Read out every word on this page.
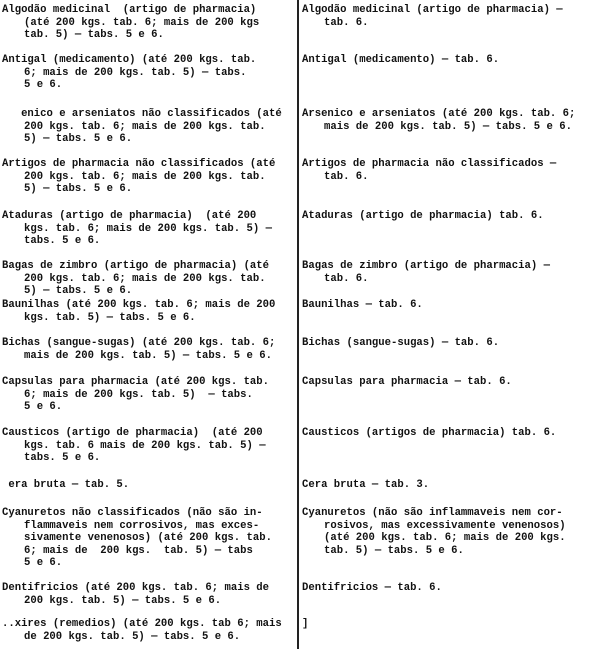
Algodão medicinal  (artigo de pharmacia)
(até 200 kgs. tab. 6; mais de 200 kgs
tab. 5) — tabs. 5 e 6.
Antigal (medicamento) (até 200 kgs. tab.
6; mais de 200 kgs. tab. 5) — tabs.
5 e 6.
enico e arseniatos não classificados (até
200 kgs. tab. 6; mais de 200 kgs. tab.
5) — tabs. 5 e 6.
Artigos de pharmacia não classificados (até
200 kgs. tab. 6; mais de 200 kgs. tab.
5) — tabs. 5 e 6.
Ataduras (artigo de pharmacia)  (até 200
kgs. tab. 6; mais de 200 kgs. tab. 5) —
tabs. 5 e 6.
Bagas de zimbro (artigo de pharmacia) (até
200 kgs. tab. 6; mais de 200 kgs. tab.
5) — tabs. 5 e 6.
Baunilhas (até 200 kgs. tab. 6; mais de 200
kgs. tab. 5) — tabs. 5 e 6.
Bichas (sangue-sugas) (até 200 kgs. tab. 6;
mais de 200 kgs. tab. 5) — tabs. 5 e 6.
Capsulas para pharmacia (até 200 kgs. tab.
6; mais de 200 kgs. tab. 5)  — tabs.
5 e 6.
Causticos (artigo de pharmacia)  (até 200
kgs. tab. 6 mais de 200 kgs. tab. 5) —
tabs. 5 e 6.
era bruta — tab. 5.
Cyanuretos não classificados (não são in-
flammaveis nem corrosivos, mas exces-
sivamente venenosos) (até 200 kgs. tab.
6; mais de  200 kgs.  tab. 5) — tabs
5 e 6.
Dentifricios (até 200 kgs. tab. 6; mais de
200 kgs. tab. 5) — tabs. 5 e 6.
..xires (remedios) (até 200 kgs. tab 6; mais
de 200 kgs. tab. 5) — tabs. 5 e 6.
Algodão medicinal (artigo de pharmacia) —
tab. 6.
Antigal (medicamento) — tab. 6.
Arsenico e arseniatos (até 200 kgs. tab. 6;
mais de 200 kgs. tab. 5) — tabs. 5 e 6.
Artigos de pharmacia não classificados —
tab. 6.
Ataduras (artigo de pharmacia) tab. 6.
Bagas de zimbro (artigo de pharmacia) —
tab. 6.
Baunilhas — tab. 6.
Bichas (sangue-sugas) — tab. 6.
Capsulas para pharmacia — tab. 6.
Causticos (artigos de pharmacia) tab. 6.
Cera bruta — tab. 3.
Cyanuretos (não são inflammaveis nem cor-
rosivos, mas excessivamente venenosos)
(até 200 kgs. tab. 6; mais de 200 kgs.
tab. 5) — tabs. 5 e 6.
Dentifricios — tab. 6.
]
